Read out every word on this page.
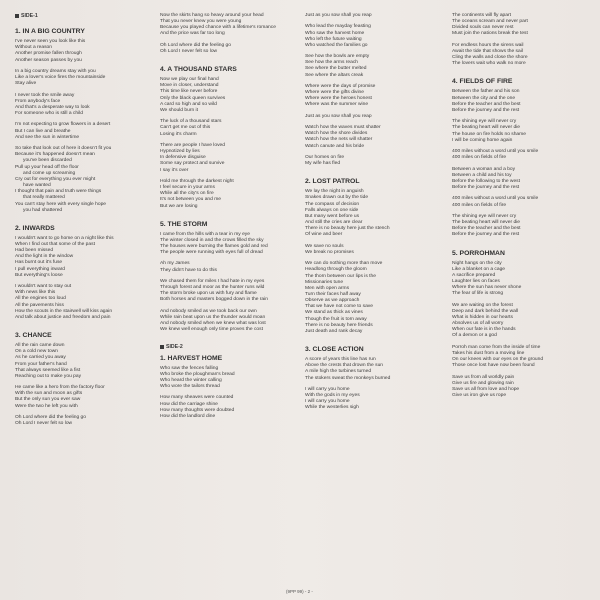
SIDE-1
1. IN A BIG COUNTRY
I've never seen you look like this
Without a reason
Another promise fallen through
Another season passes by you
In a big country dreams stay with you
Like a lover's voice fires the mountainside
Stay alive
I never took the smile away
From anybody's face
And that's a desperate way to look
For someone who is still a child
I'm not expecting to grow flowers in a desert
But I can live and breathe
And see the sun in wintertime
So take that look out of here it doesn't fit you
Because it's happened doesn't mean
you've been discarded
Pull up your head off the floor
and come up screaming
Cry out for everything you ever might
have wanted
I thought that pain and truth were things
that really mattered
You can't stay here with every single hope
you had shattered
2. INWARDS
I wouldn't want to go home on a night like this
When I find out that some of the past
Had been missed
And the light in the window
Has burnt out it's fuse
I pull everything inward
But everything's loose
I wouldn't want to stay out
With news like this
All the engines too loud
All the pavements hiss
How the scouts in the stairwell will kiss again
And talk about justice and freedom and pain
3. CHANCE
All the rain came down
On a cold new town
As he carried you away
From your father's hand
That always seemed like a fist
Reaching out to make you pay
He came like a hero from the factory floor
With the sun and moon as gifts
But the only sun you ever saw
Were the two he left you with
Oh Lord where did the feeling go
Oh Lord I never felt so low
Now the skirts hang so heavy around your head
That you never knew you were young
Because you played chance with a lifetime's romance
And the price was far too long
Oh Lord where did the feeling go
Oh Lord I never felt so low
4. A THOUSAND STARS
Now we play our final hand
Move in closer, understand
This time like never before
Only the black queen survives
A card so high and so wild
We should burn it
The luck of a thousand stars
Can't get me out of this
Losing it's charm
There are people I have loved
Hypnotized by lies
In defensive disguise
Some say protect and survive
I say it's over
Hold me through the darkest night
I feel secure in your arms
While all the city's on fire
It's not between you and me
But we are losing
5. THE STORM
I came from the hills with a tear in my eye
The winter closed in and the crows filled the sky
The houses were burning the flames gold and red
The people were running with eyes full of dread
Ah my James
They didn't have to do this
We chased them for miles I had hate in my eyes
Through forest and moor as the hunter runs wild
The storm broke upon us with fury and flame
Both horses and masters bogged down in the rain
And nobody smiled as we took back our own
While rain beat upon us the thunder would moan
And nobody smiled when we knew what was lost
We knew well enough only time proves the cost
SIDE-2
1. HARVEST HOME
Who saw the fences falling
Who broke the ploughman's bread
Who heard the winter calling
Who wore the tailors thread
How many sheaves were counted
How did the carriage shine
How many thoughts were doubted
How did the landlord dine
Just as you sow shall you reap
Who lead the mayday feasting
Who saw the harvest home
Who left the future waiting
Who watched the families go
See how the bowls are empty
See how the arms reach
See where the butter melted
See where the altars creak
Where were the days of promise
Where were the gifts divine
Where were the heroes honest
Where was the summer wine
Just as you sow shall you reap
Watch how the waves must shatter
Watch how the shore divides
Watch how the nets will shatter
Watch canute and his bride
Our homes on fire
My wife has fled
2. LOST PATROL
We lay the night in anguish
Snakes drawn out by the tide
The compass of decision
Falls always on one side
But many went before us
And still the cries are clear
There is no beauty here just the stench
Of wine and beer
We save no souls
We break no promises
We can do nothing more than move
Headlong through the gloom
The thorn between our lips is the
Missionaries tune
Men with open arms
Turn their faces half away
Observe as we approach
That we have not come to save
We stand as thick as vines
Though the fruit is torn away
There is no beauty here friends
Just death and rank decay
3. CLOSE ACTION
A score of years this line has run
Above the crests that drown the sun
A mile high the turbines turned
The stokers sweat the monkeys burned
I will carry you home
With the gods in my eyes
I will carry you home
While the westerlies sigh
The continents will fly apart
The oceans scream and never part
Divided souls can never rest
Must join the nations break the test
For endless hours the sirens wail
Await the tide that shows the sail
Cling the walls and close the shore
The lovers wait who walk no more
4. FIELDS OF FIRE
Between the father and his son
Between the city and the one
Before the teacher and the best
Before the journey and the rest
The shining eye will never cry
The beating heart will never die
The house on fire holds no shame
I will be coming home again
400 miles without a word until you smile
400 miles on fields of fire
Between a woman and a boy
Between a child and his toy
Before the following to the west
Before the journey and the rest
400 miles without a word until you smile
400 miles on fields of fire
The shining eye will never cry
The beating heart will never die
Before the teacher and the best
Before the journey and the rest
5. PORROHMAN
Night hangs on the city
Like a blanket on a cage
A sacrifice prepared
Laughter lies on faces
Where the sun has never shone
The fear of life is strong
We are waiting on the forest
Deep and dark behind the wall
What is hidden in our hearts
Absolves us of all worry
When our fate is in the hands
Of a demon or a god
Porroh man come from the inside of time
Takes his dust from a moving line
On our knees with our eyes on the ground
Those once lost have now been found
Save us from all worldly pain
Give us fire and glowing rain
Save us all from love and hope
Give us iron give us rope
(9PP 99) - 2 -
